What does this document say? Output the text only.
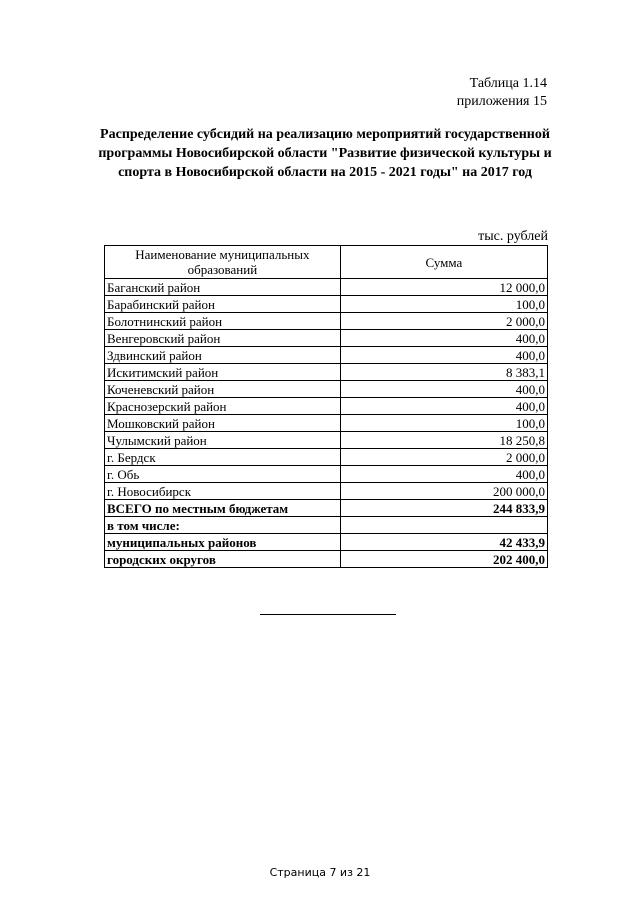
Таблица 1.14
приложения 15
Распределение субсидий на реализацию мероприятий государственной
программы Новосибирской области "Развитие физической культуры и
спорта в Новосибирской области на 2015 - 2021 годы" на 2017 год
тыс. рублей
Наименование муниципальных образований	Сумма
Баганский район	12 000,0
Барабинский район	100,0
Болотнинский район	2 000,0
Венгеровский район	400,0
Здвинский район	400,0
Искитимский район	8 383,1
Коченевский район	400,0
Краснозерский район	400,0
Мошковский район	100,0
Чулымский район	18 250,8
г. Бердск	2 000,0
г. Обь	400,0
г. Новосибирск	200 000,0
ВСЕГО по местным бюджетам	244 833,9
в том числе:	
муниципальных районов	42 433,9
городских округов	202 400,0
Страница 7 из 21
